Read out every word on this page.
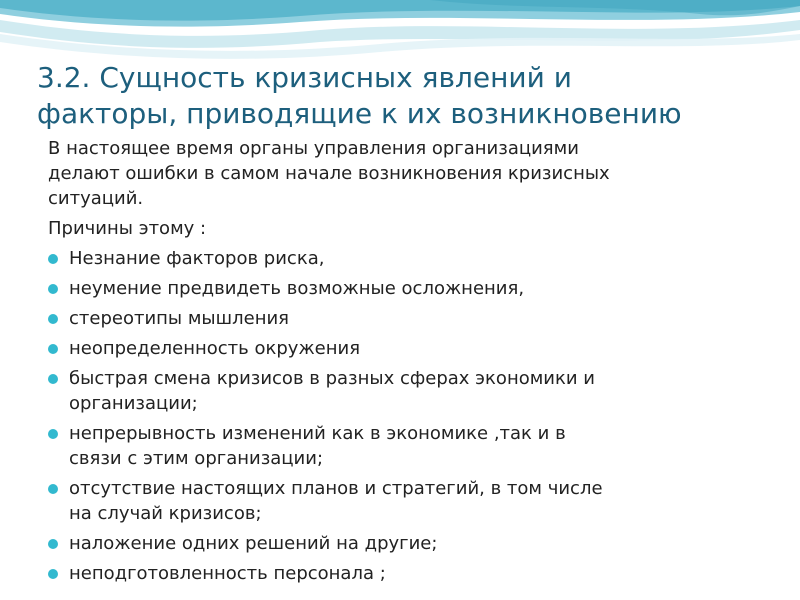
3.2. Сущность кризисных явлений и
факторы, приводящие к их возникновению

В настоящее время органы управления организациями
делают ошибки в самом начале возникновения кризисных
ситуаций.

Причины этому :

Незнание факторов риска,
неумение предвидеть возможные осложнения,
стереотипы мышления
неопределенность окружения
быстрая смена кризисов в разных сферах экономики и
организации;
непрерывность изменений как в экономике ,так и в
связи с этим организации;
отсутствие настоящих планов и стратегий, в том числе
на случай кризисов;
наложение одних решений на другие;
неподготовленность персонала ;
